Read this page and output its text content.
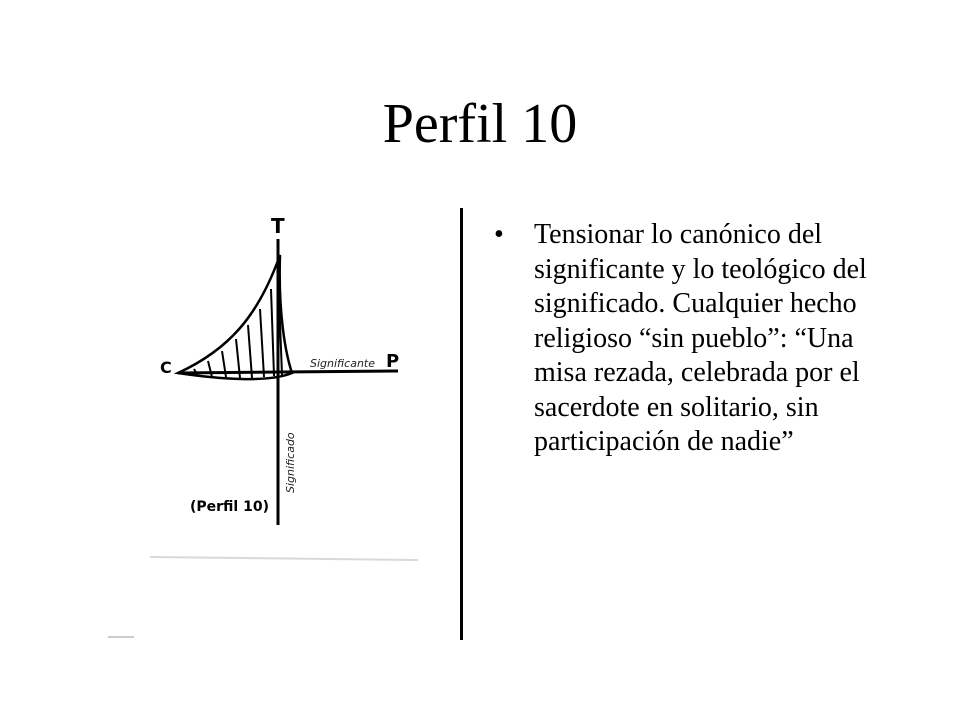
Perfil 10
T
C	P
Significante
Significado
(Perfil 10)
• Tensionar lo canónico del significante y lo teológico del significado. Cualquier hecho religioso “sin pueblo”: “Una misa rezada, celebrada por el sacerdote en solitario, sin participación de nadie”
